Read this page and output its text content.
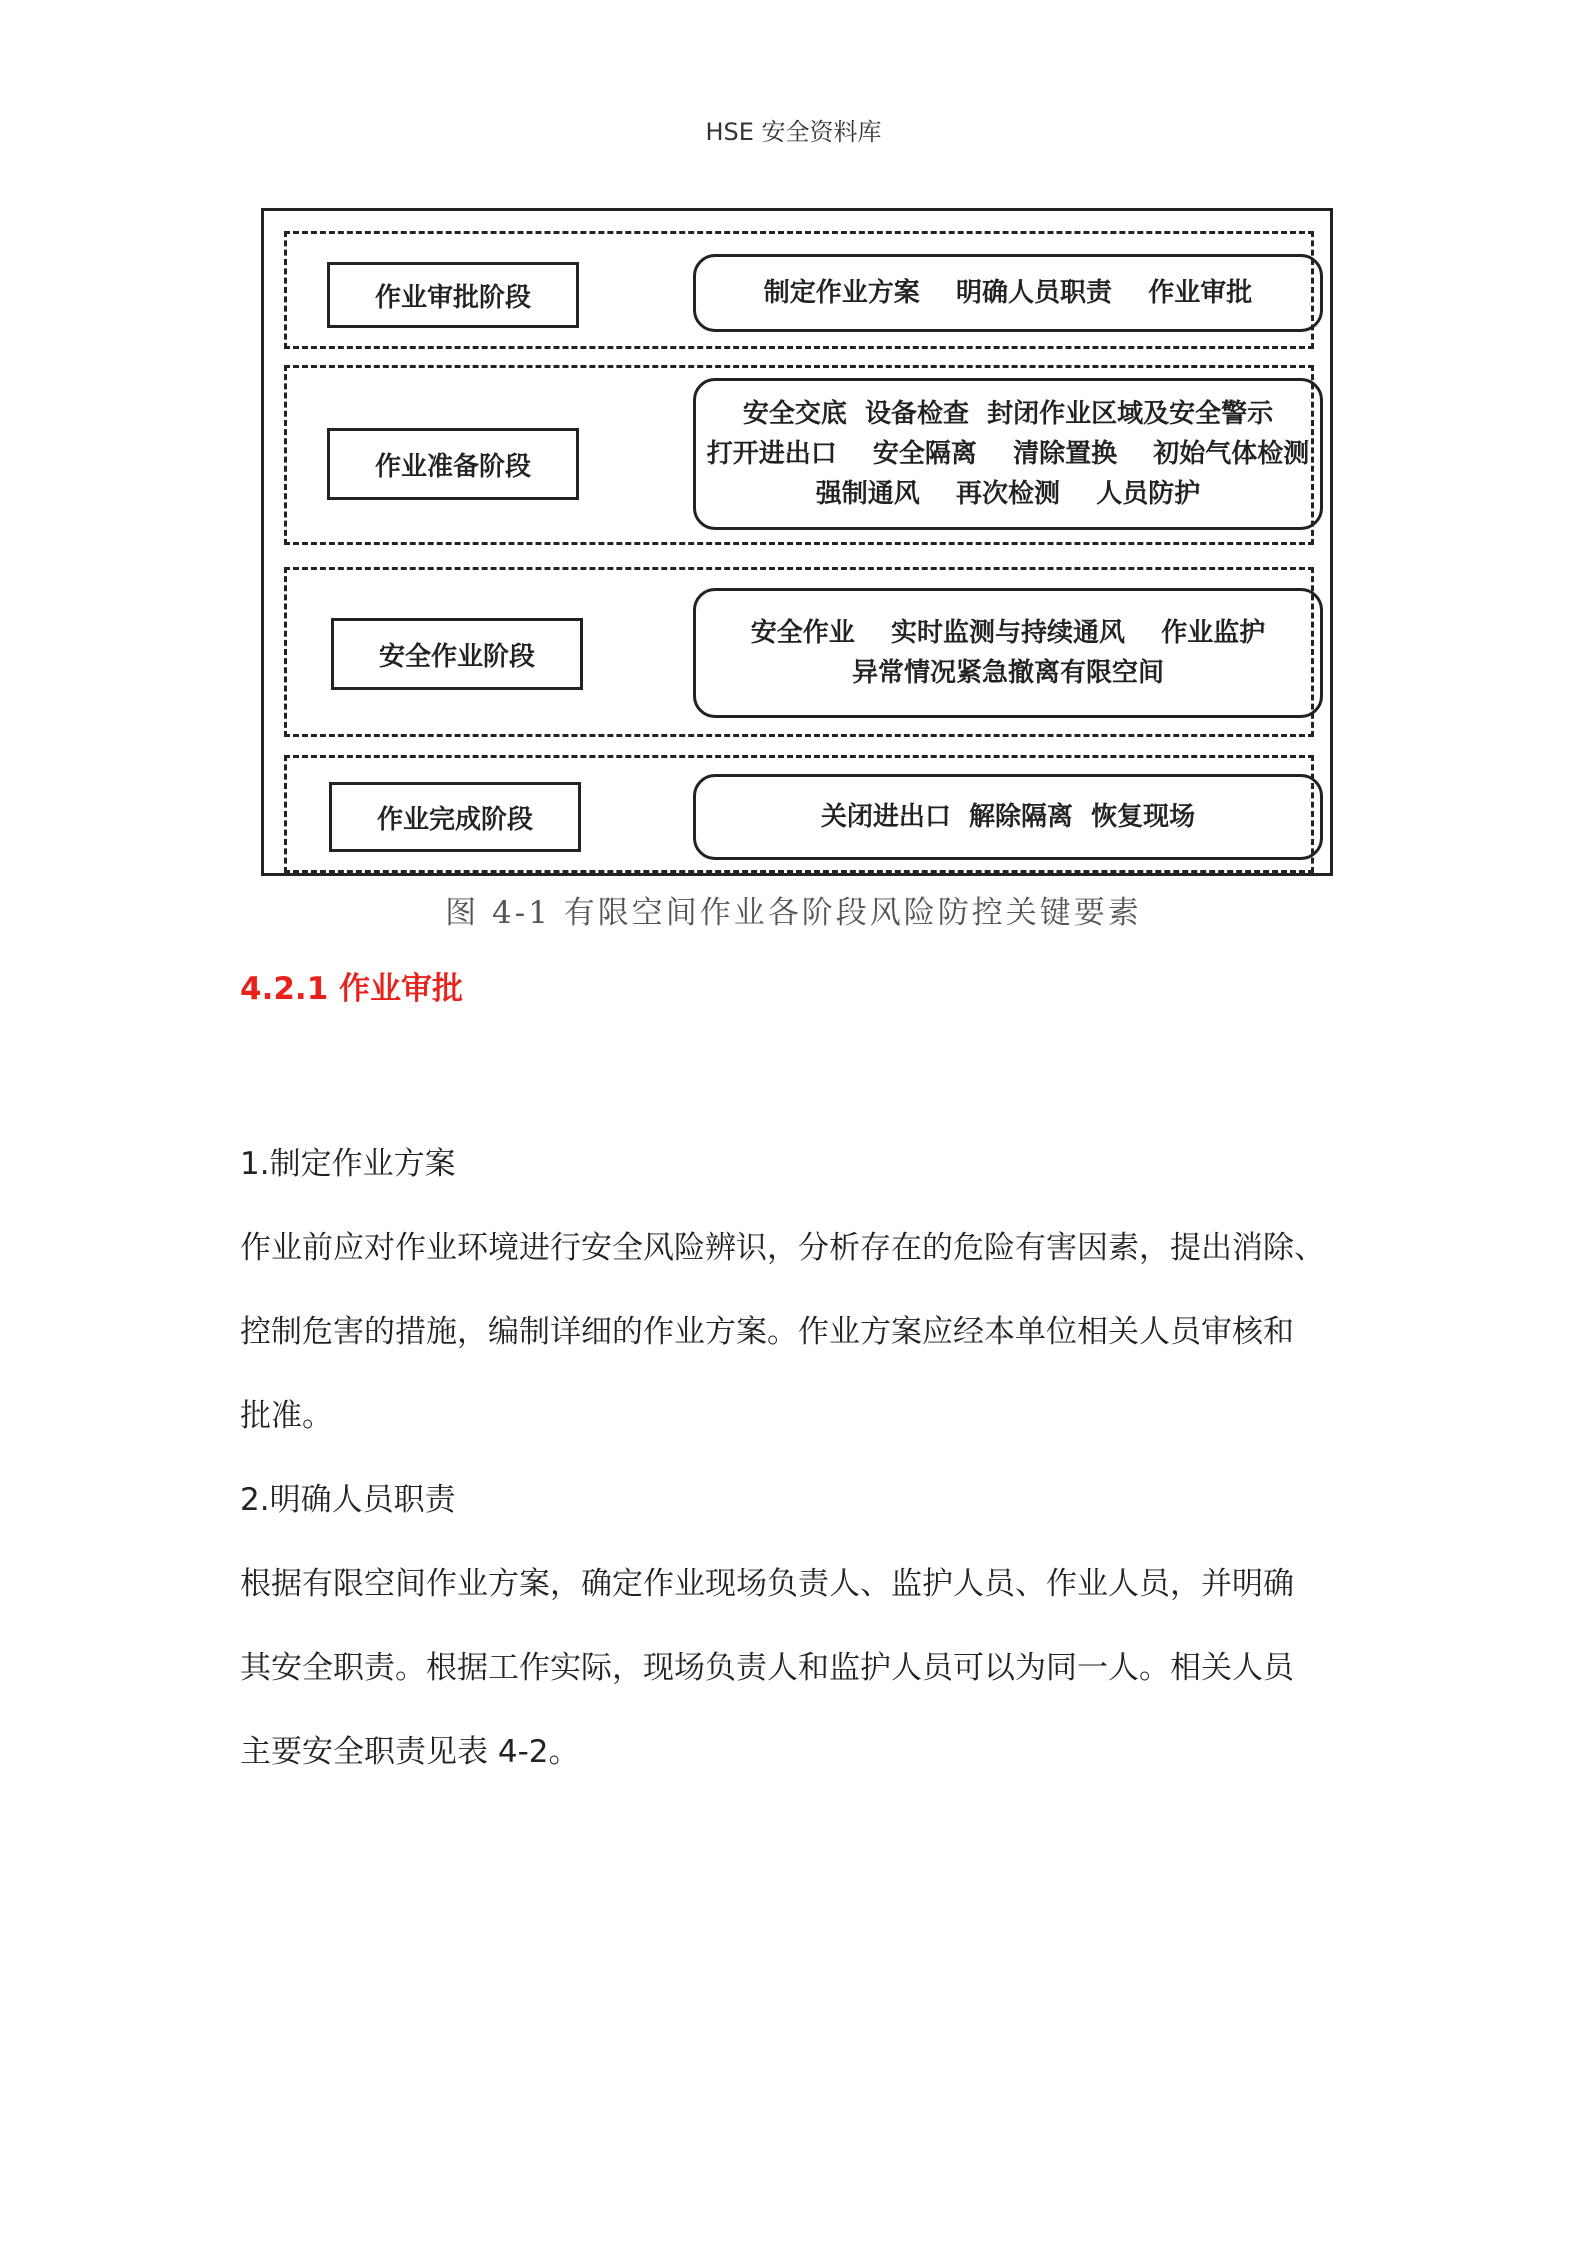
HSE 安全资料库
作业审批阶段	制定作业方案    明确人员职责    作业审批
作业准备阶段
安全交底  设备检查  封闭作业区域及安全警示
打开进出口    安全隔离    清除置换    初始气体检测
强制通风    再次检测    人员防护
安全作业阶段
安全作业    实时监测与持续通风    作业监护
异常情况紧急撤离有限空间
作业完成阶段	关闭进出口  解除隔离  恢复现场
图 4-1 有限空间作业各阶段风险防控关键要素
4.2.1 作业审批
1.制定作业方案
作业前应对作业环境进行安全风险辨识，分析存在的危险有害因素，提出消除、
控制危害的措施，编制详细的作业方案。作业方案应经本单位相关人员审核和
批准。
2.明确人员职责
根据有限空间作业方案，确定作业现场负责人、监护人员、作业人员，并明确
其安全职责。根据工作实际，现场负责人和监护人员可以为同一人。相关人员
主要安全职责见表 4-2。
